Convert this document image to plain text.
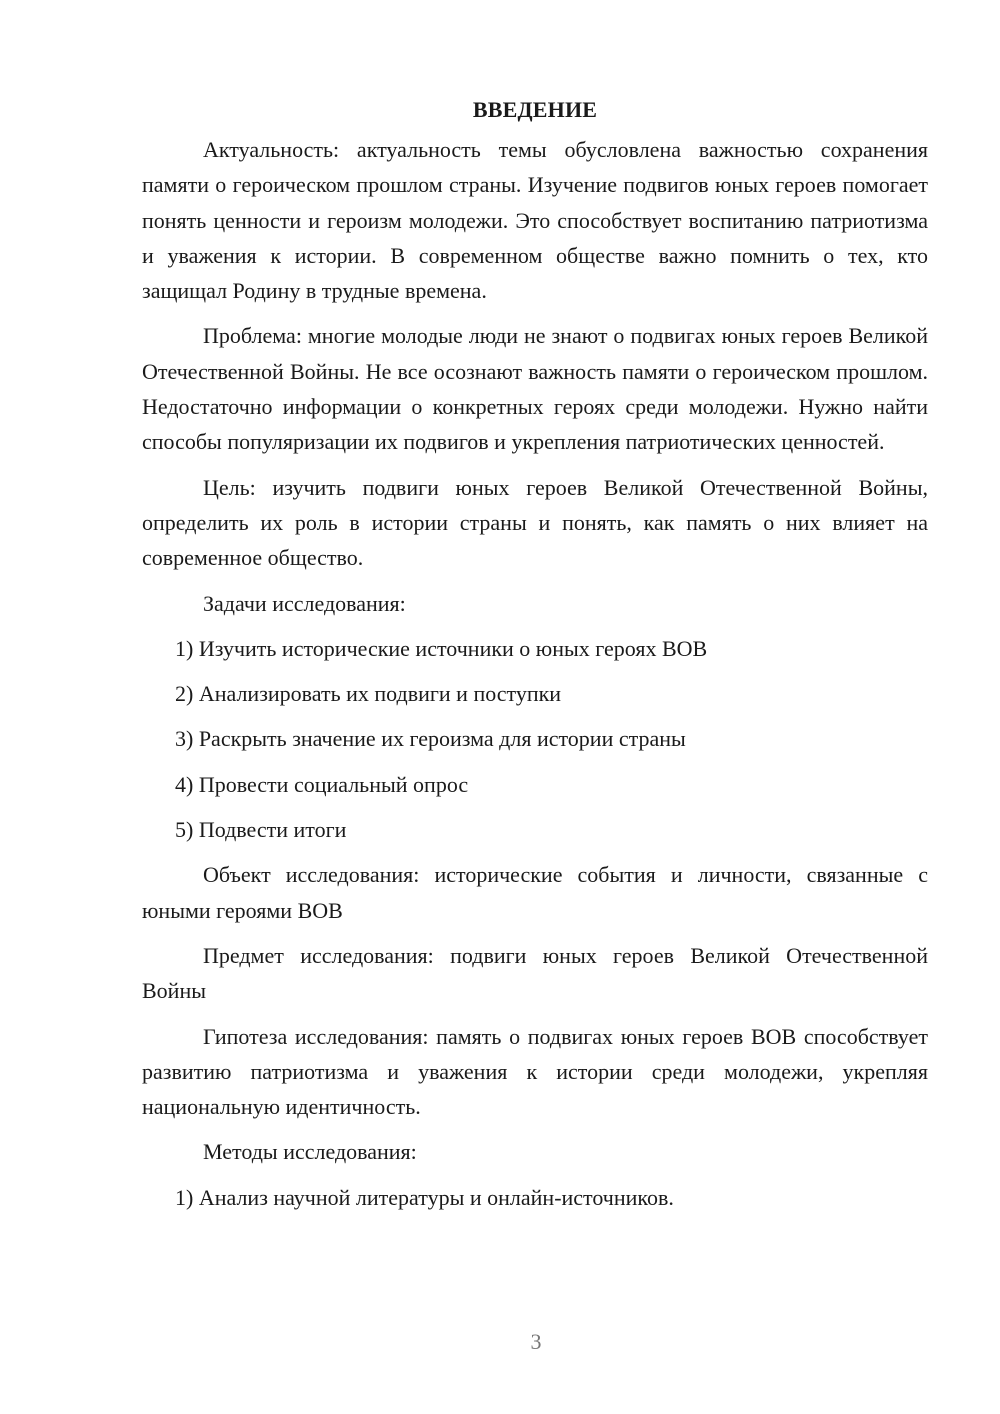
ВВЕДЕНИЕ

Актуальность: актуальность темы обусловлена важностью сохранения памяти о героическом прошлом страны. Изучение подвигов юных героев помогает понять ценности и героизм молодежи. Это способствует воспитанию патриотизма и уважения к истории. В современном обществе важно помнить о тех, кто защищал Родину в трудные времена.

Проблема: многие молодые люди не знают о подвигах юных героев Великой Отечественной Войны. Не все осознают важность памяти о героическом прошлом. Недостаточно информации о конкретных героях среди молодежи. Нужно найти способы популяризации их подвигов и укрепления патриотических ценностей.

Цель: изучить подвиги юных героев Великой Отечественной Войны, определить их роль в истории страны и понять, как память о них влияет на современное общество.

Задачи исследования:
1) Изучить исторические источники о юных героях ВОВ
2) Анализировать их подвиги и поступки
3) Раскрыть значение их героизма для истории страны
4) Провести социальный опрос
5) Подвести итоги

Объект исследования: исторические события и личности, связанные с юными героями ВОВ

Предмет исследования: подвиги юных героев Великой Отечественной Войны

Гипотеза исследования: память о подвигах юных героев ВОВ способствует развитию патриотизма и уважения к истории среди молодежи, укрепляя национальную идентичность.

Методы исследования:
1) Анализ научной литературы и онлайн-источников.
3
